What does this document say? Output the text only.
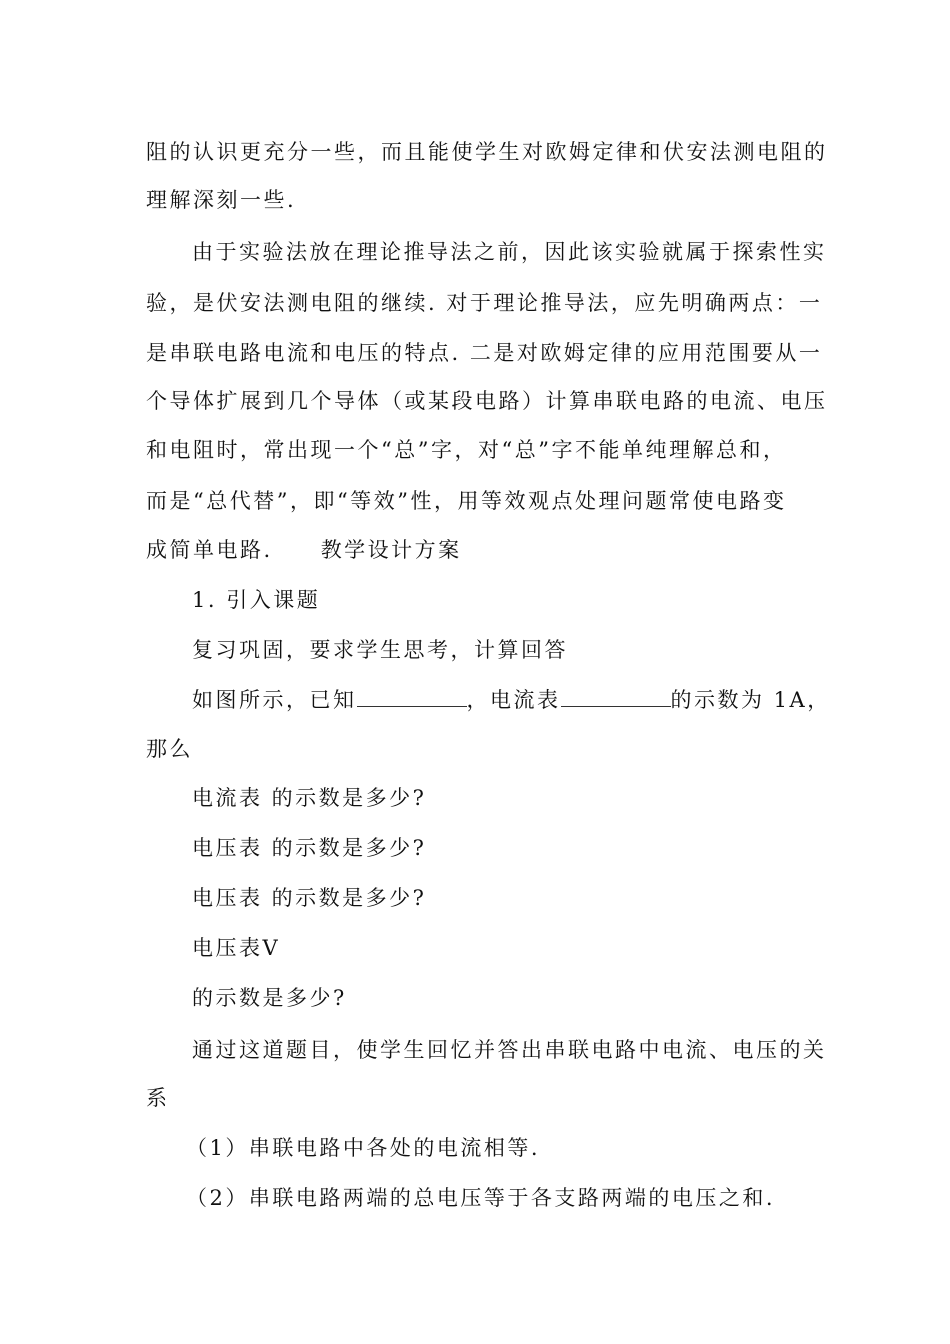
阻的认识更充分一些，而且能使学生对欧姆定律和伏安法测电阻的
理解深刻一些.
由于实验法放在理论推导法之前，因此该实验就属于探索性实
验，是伏安法测电阻的继续. 对于理论推导法，应先明确两点：一
是串联电路电流和电压的特点. 二是对欧姆定律的应用范围要从一
个导体扩展到几个导体（或某段电路）计算串联电路的电流、电压
和电阻时，常出现一个“总”字，对“总”字不能单纯理解总和，
而是“总代替”，即“等效”性，用等效观点处理问题常使电路变
成简单电路. 教学设计方案
1. 引入课题
复习巩固，要求学生思考，计算回答
如图所示，已知	，电流表	的示数为 1A，
那么
电流表 的示数是多少?
电压表 的示数是多少?
电压表 的示数是多少?
电压表V
的示数是多少?
通过这道题目，使学生回忆并答出串联电路中电流、电压的关
系
（1）串联电路中各处的电流相等.
（2）串联电路两端的总电压等于各支路两端的电压之和.
